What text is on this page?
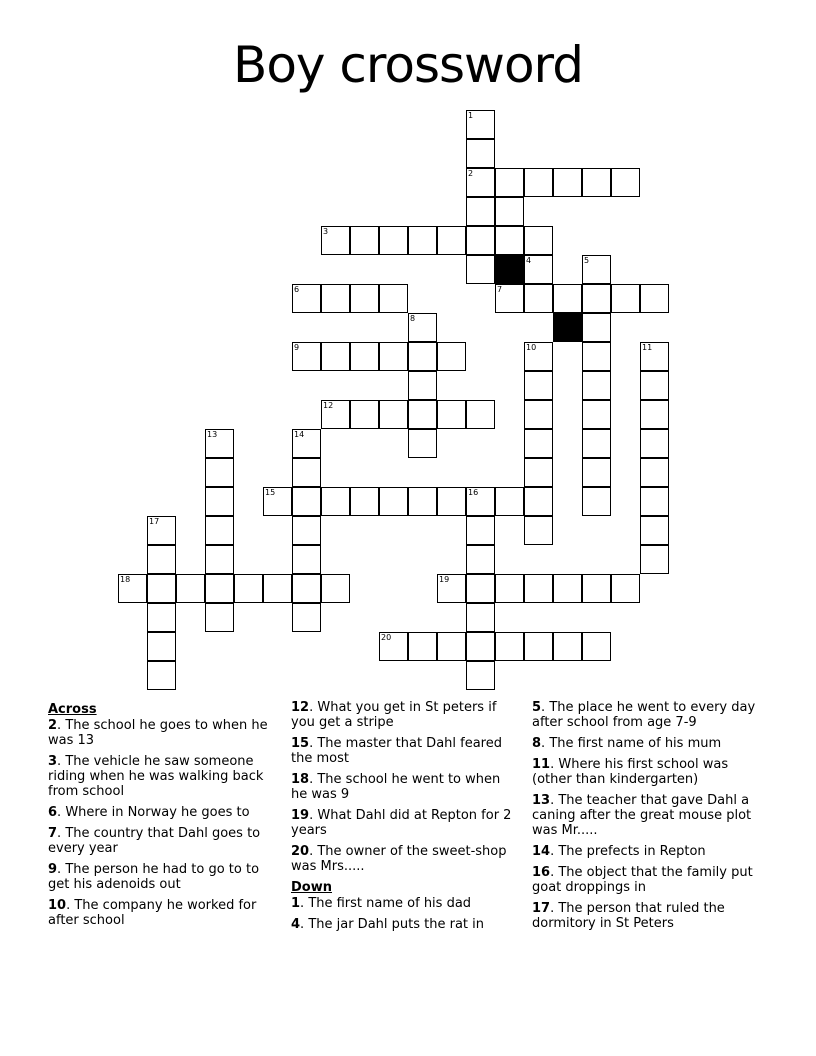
Boy crossword
1
2
3
4	5
6	7
8
9	10	11
12
13	14
15	16
17
18	19
20
Across
2. The school he goes to when he was 13
3. The vehicle he saw someone riding when he was walking back from school
6. Where in Norway he goes to
7. The country that Dahl goes to every year
9. The person he had to go to to get his adenoids out
10. The company he worked for after school
12. What you get in St peters if you get a stripe
15. The master that Dahl feared the most
18. The school he went to when he was 9
19. What Dahl did at Repton for 2 years
20. The owner of the sweet-shop was Mrs.....
Down
1. The first name of his dad
4. The jar Dahl puts the rat in
5. The place he went to every day after school from age 7-9
8. The first name of his mum
11. Where his first school was (other than kindergarten)
13. The teacher that gave Dahl a caning after the great mouse plot was Mr.....
14. The prefects in Repton
16. The object that the family put goat droppings in
17. The person that ruled the dormitory in St Peters
